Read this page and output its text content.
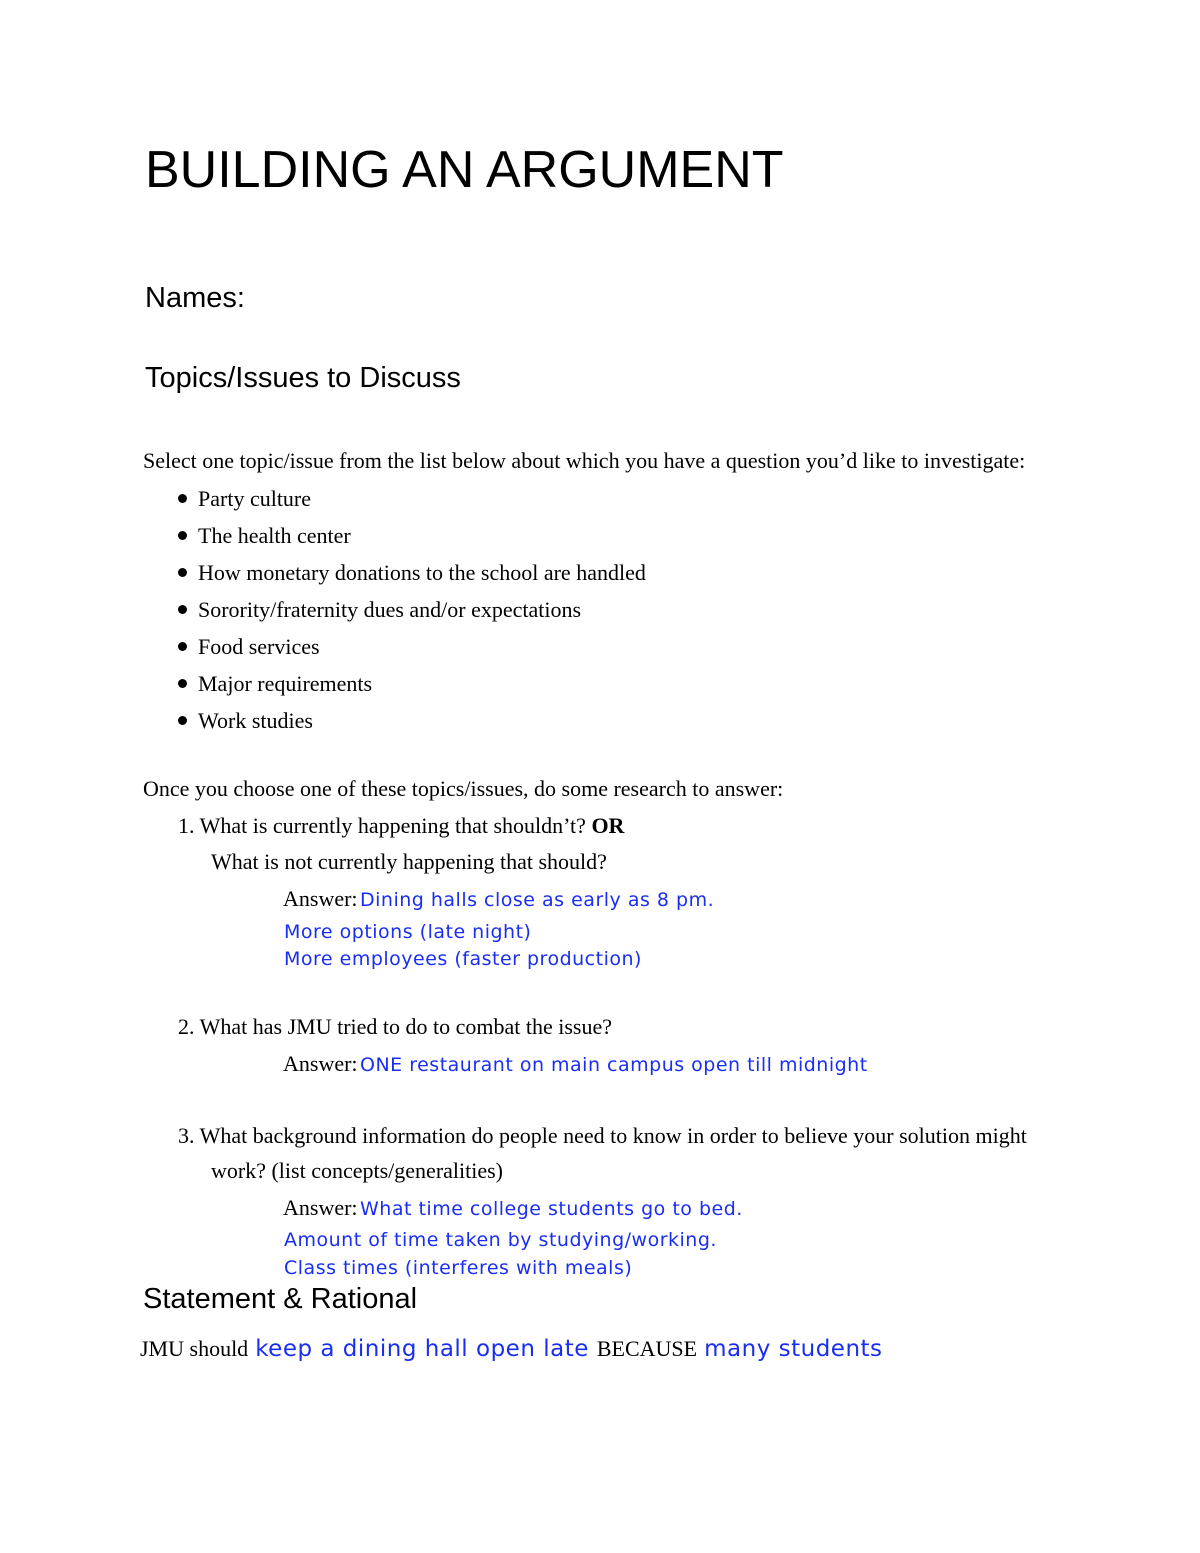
BUILDING AN ARGUMENT
Names:
Topics/Issues to Discuss
Select one topic/issue from the list below about which you have a question you’d like to investigate:
Party culture
The health center
How monetary donations to the school are handled
Sorority/fraternity dues and/or expectations
Food services
Major requirements
Work studies
Once you choose one of these topics/issues, do some research to answer:
1. What is currently happening that shouldn’t? OR
What is not currently happening that should?
Answer: Dining halls close as early as 8 pm.
More options (late night)
More employees (faster production)
2. What has JMU tried to do to combat the issue?
Answer: ONE restaurant on main campus open till midnight
3. What background information do people need to know in order to believe your solution might
work? (list concepts/generalities)
Answer: What time college students go to bed.
Amount of time taken by studying/working.
Class times (interferes with meals)
Statement & Rational
JMU should keep a dining hall open late BECAUSE many students
